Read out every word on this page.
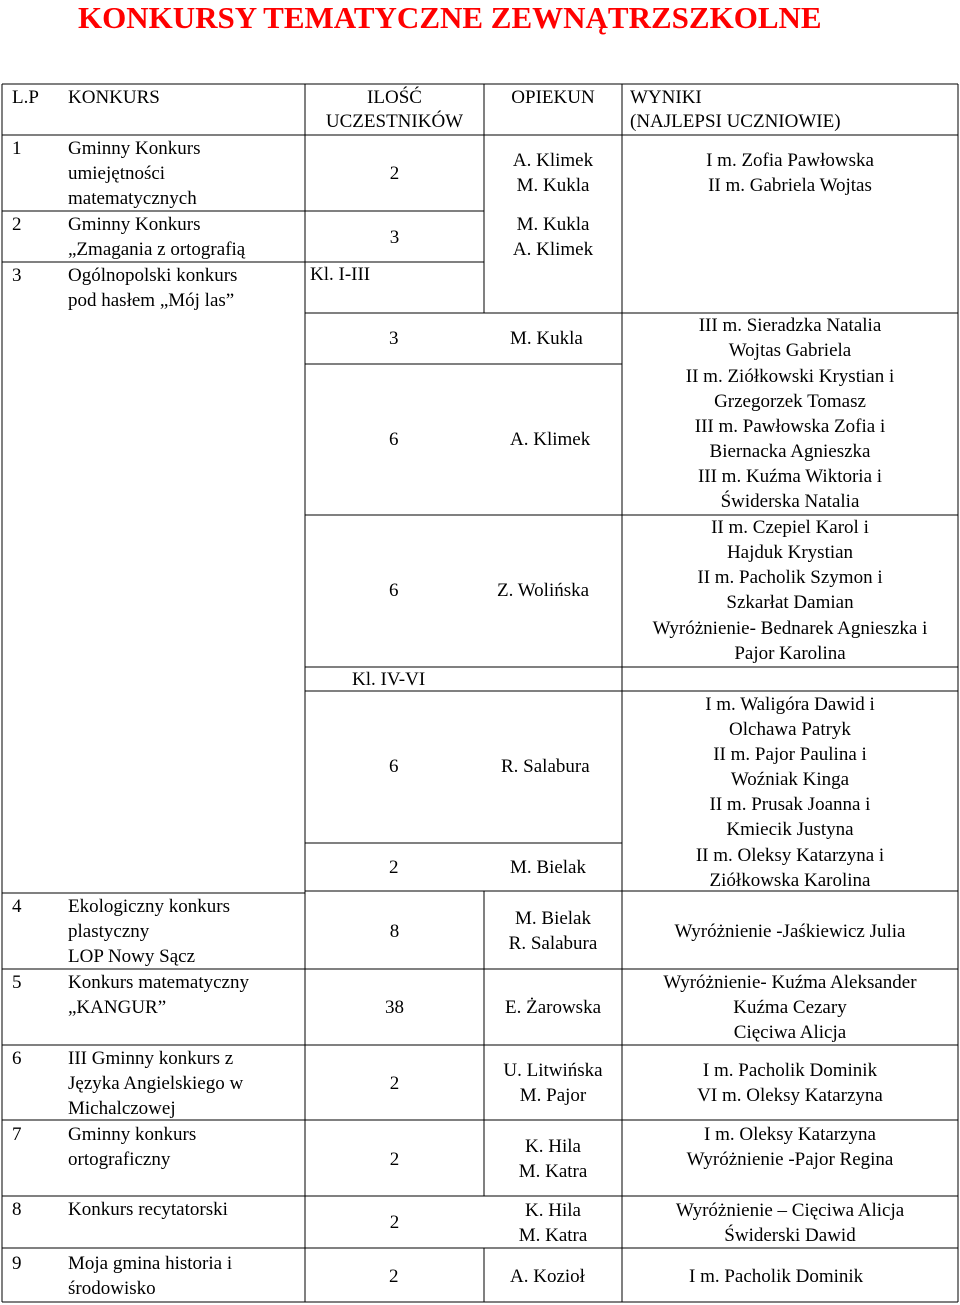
KONKURSY TEMATYCZNE ZEWNĄTRZSZKOLNE
L.P KONKURS	ILOŚĆ
UCZESTNIKÓW
OPIEKUN	WYNIKI
(NAJLEPSI UCZNIOWIE)
1 Gminny Konkurs
umiejętności
matematycznych
2 Gminny Konkurs
„Zmagania z ortografią
3 Ogólnopolski konkurs
pod hasłem „Mój las”
4 Ekologiczny konkurs
plastyczny
LOP Nowy Sącz
5 Konkurs matematyczny
„KANGUR”
6 III Gminny konkurs z
Języka Angielskiego w
Michalczowej
7 Gminny konkurs
ortograficzny
8 Konkurs recytatorski
9 Moja gmina historia i
środowisko
2
3
Kl. I-III
3
6
6
Kl. IV-VI
6
2
8
38
2
2
2
2
A. Klimek
M. Kukla
M. Kukla
A. Klimek
M. Kukla
A. Klimek
Z. Wolińska
R. Salabura
M. Bielak
M. Bielak
R. Salabura
E. Żarowska
U. Litwińska
M. Pajor
K. Hila
M. Katra
K. Hila
M. Katra
A. Kozioł
I m. Zofia Pawłowska
II m. Gabriela Wojtas
III m. Sieradzka Natalia
Wojtas Gabriela
II m. Ziółkowski Krystian i
Grzegorzek Tomasz
III m. Pawłowska Zofia i
Biernacka Agnieszka
III m. Kuźma Wiktoria i
Świderska Natalia
II m. Czepiel Karol i
Hajduk Krystian
II m. Pacholik Szymon i
Szkarłat Damian
Wyróżnienie- Bednarek Agnieszka i
Pajor Karolina
I m. Waligóra Dawid i
Olchawa Patryk
II m. Pajor Paulina i
Woźniak Kinga
II m. Prusak Joanna i
Kmiecik Justyna
II m. Oleksy Katarzyna i
Ziółkowska Karolina
Wyróżnienie -Jaśkiewicz Julia
Wyróżnienie- Kuźma Aleksander
Kuźma Cezary
Cięciwa Alicja
I m. Pacholik Dominik
VI m. Oleksy Katarzyna
I m. Oleksy Katarzyna
Wyróżnienie -Pajor Regina
Wyróżnienie – Cięciwa Alicja
Świderski Dawid
I m. Pacholik Dominik
